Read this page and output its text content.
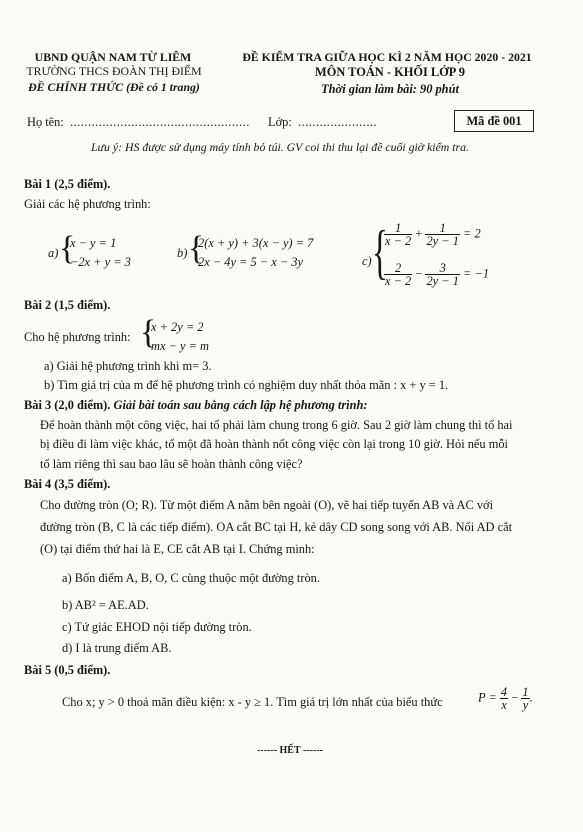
UBND QUẬN NAM TỪ LIÊM
TRƯỜNG THCS ĐOÀN THỊ ĐIỂM
ĐỀ CHÍNH THỨC (Đề có 1 trang)
ĐỀ KIỂM TRA GIỮA HỌC KÌ 2 NĂM HỌC 2020 - 2021
MÔN TOÁN - KHỐI LỚP 9
Thời gian làm bài: 90 phút
Họ tên: .................................................. Lớp: ......................	Mã đề 001
Lưu ý: HS được sử dụng máy tính bỏ túi. GV coi thi thu lại đề cuối giờ kiểm tra.
Bài 1 (2,5 điểm).
Giải các hệ phương trình:
a) {
x − y = 1
−2x + y = 3
b) {
2(x + y) + 3(x − y) = 7
2x − 4y = 5 − x − 3y	c) {
$\frac{1}{x - 2} + \frac{1}{2y - 1} = 2$
$\frac{2}{x - 2} - \frac{3}{2y - 1} = -1$
Bài 2 (1,5 điểm).
Cho hệ phương trình: {
x + 2y = 2
mx − y = m
a) Giải hệ phương trình khi m= 3.
b) Tìm giá trị của m để hệ phương trình có nghiệm duy nhất thỏa mãn : x + y = 1.
Bài 3 (2,0 điểm). Giải bài toán sau bằng cách lập hệ phương trình:
Để hoàn thành một công việc, hai tổ phải làm chung trong 6 giờ. Sau 2 giờ làm chung thì tổ hai
bị điều đi làm việc khác, tổ một đã hoàn thành nốt công việc còn lại trong 10 giờ. Hỏi nếu mỗi
tổ làm riêng thì sau bao lâu sẽ hoàn thành công việc?
Bài 4 (3,5 điểm).
Cho đường tròn (O; R). Từ một điểm A nằm bên ngoài (O), vẽ hai tiếp tuyến AB và AC với
đường tròn (B, C là các tiếp điểm). OA cắt BC tại H, kẻ dây CD song song với AB. Nối AD cắt
(O) tại điểm thứ hai là E, CE cắt AB tại I. Chứng minh:
a) Bốn điểm A, B, O, C cùng thuộc một đường tròn.
b) AB² = AE.AD.
c) Tứ giác EHOD nội tiếp đường tròn.
d) I là trung điểm AB.
Bài 5 (0,5 điểm).
Cho x; y > 0 thoả mãn điều kiện: x - y ≥ 1. Tìm giá trị lớn nhất của biểu thức	$P = \frac{4}{x} - \frac{1}{y}$ .
------ HẾT ------
